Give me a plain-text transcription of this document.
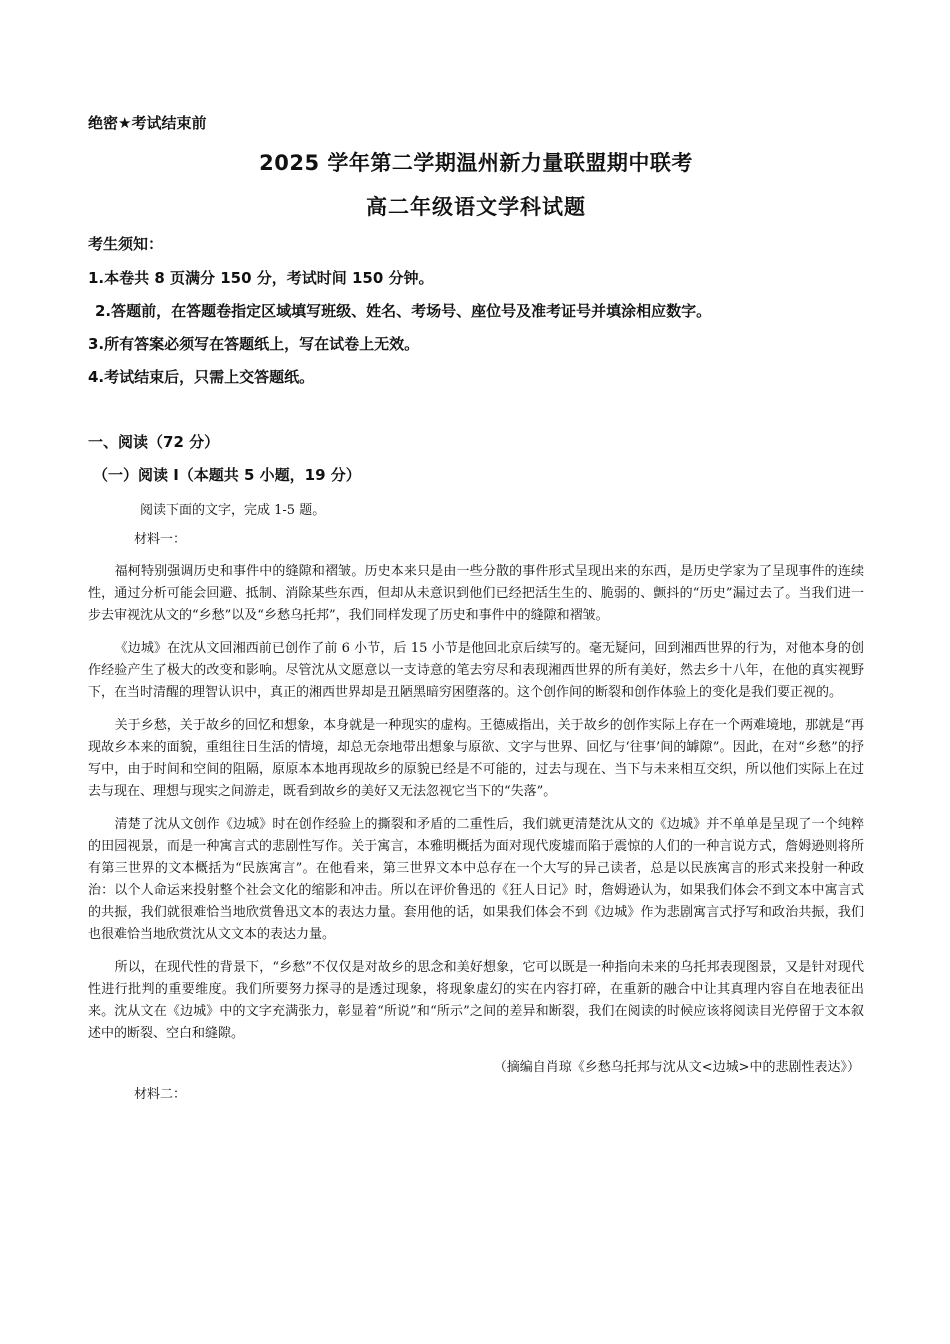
绝密★考试结束前
2025 学年第二学期温州新力量联盟期中联考
高二年级语文学科试题
考生须知：
1.本卷共 8 页满分 150 分，考试时间 150 分钟。
2.答题前，在答题卷指定区域填写班级、姓名、考场号、座位号及准考证号并填涂相应数字。
3.所有答案必须写在答题纸上，写在试卷上无效。
4.考试结束后，只需上交答题纸。
一、阅读（72 分）
（一）阅读 Ⅰ（本题共 5 小题，19 分）
阅读下面的文字，完成 1-5 题。
材料一：

福柯特别强调历史和事件中的缝隙和褶皱。历史本来只是由一些分散的事件形式呈现出来的东西，是历史学家为了呈现事件的连续性，通过分析可能会回避、抵制、消除某些东西，但却从未意识到他们已经把活生生的、脆弱的、颤抖的“历史”漏过去了。当我们进一步去审视沈从文的“乡愁”以及“乡愁乌托邦”，我们同样发现了历史和事件中的缝隙和褶皱。

《边城》在沈从文回湘西前已创作了前 6 小节，后 15 小节是他回北京后续写的。毫无疑问，回到湘西世界的行为，对他本身的创作经验产生了极大的改变和影响。尽管沈从文愿意以一支诗意的笔去穷尽和表现湘西世界的所有美好，然去乡十八年，在他的真实视野下，在当时清醒的理智认识中，真正的湘西世界却是丑陋黑暗穷困堕落的。这个创作间的断裂和创作体验上的变化是我们要正视的。

关于乡愁，关于故乡的回忆和想象，本身就是一种现实的虚构。王德威指出，关于故乡的创作实际上存在一个两难境地，那就是“再现故乡本来的面貌，重组往日生活的情境，却总无奈地带出想象与原欲、文字与世界、回忆与‘往事’间的罅隙”。因此，在对“乡愁”的抒写中，由于时间和空间的阻隔，原原本本地再现故乡的原貌已经是不可能的，过去与现在、当下与未来相互交织，所以他们实际上在过去与现在、理想与现实之间游走，既看到故乡的美好又无法忽视它当下的“失落”。

清楚了沈从文创作《边城》时在创作经验上的撕裂和矛盾的二重性后，我们就更清楚沈从文的《边城》并不单单是呈现了一个纯粹的田园视景，而是一种寓言式的悲剧性写作。关于寓言，本雅明概括为面对现代废墟而陷于震惊的人们的一种言说方式，詹姆逊则将所有第三世界的文本概括为“民族寓言”。在他看来，第三世界文本中总存在一个大写的异己读者，总是以民族寓言的形式来投射一种政治：以个人命运来投射整个社会文化的缩影和冲击。所以在评价鲁迅的《狂人日记》时，詹姆逊认为，如果我们体会不到文本中寓言式的共振，我们就很难恰当地欣赏鲁迅文本的表达力量。套用他的话，如果我们体会不到《边城》作为悲剧寓言式抒写和政治共振，我们也很难恰当地欣赏沈从文文本的表达力量。

所以，在现代性的背景下，“乡愁”不仅仅是对故乡的思念和美好想象，它可以既是一种指向未来的乌托邦表现图景，又是针对现代性进行批判的重要维度。我们所要努力探寻的是透过现象，将现象虚幻的实在内容打碎，在重新的融合中让其真理内容自在地表征出来。沈从文在《边城》中的文字充满张力，彰显着“所说”和“所示”之间的差异和断裂，我们在阅读的时候应该将阅读目光停留于文本叙述中的断裂、空白和缝隙。

（摘编自肖琼《乡愁乌托邦与沈从文<边城>中的悲剧性表达》）
材料二：
